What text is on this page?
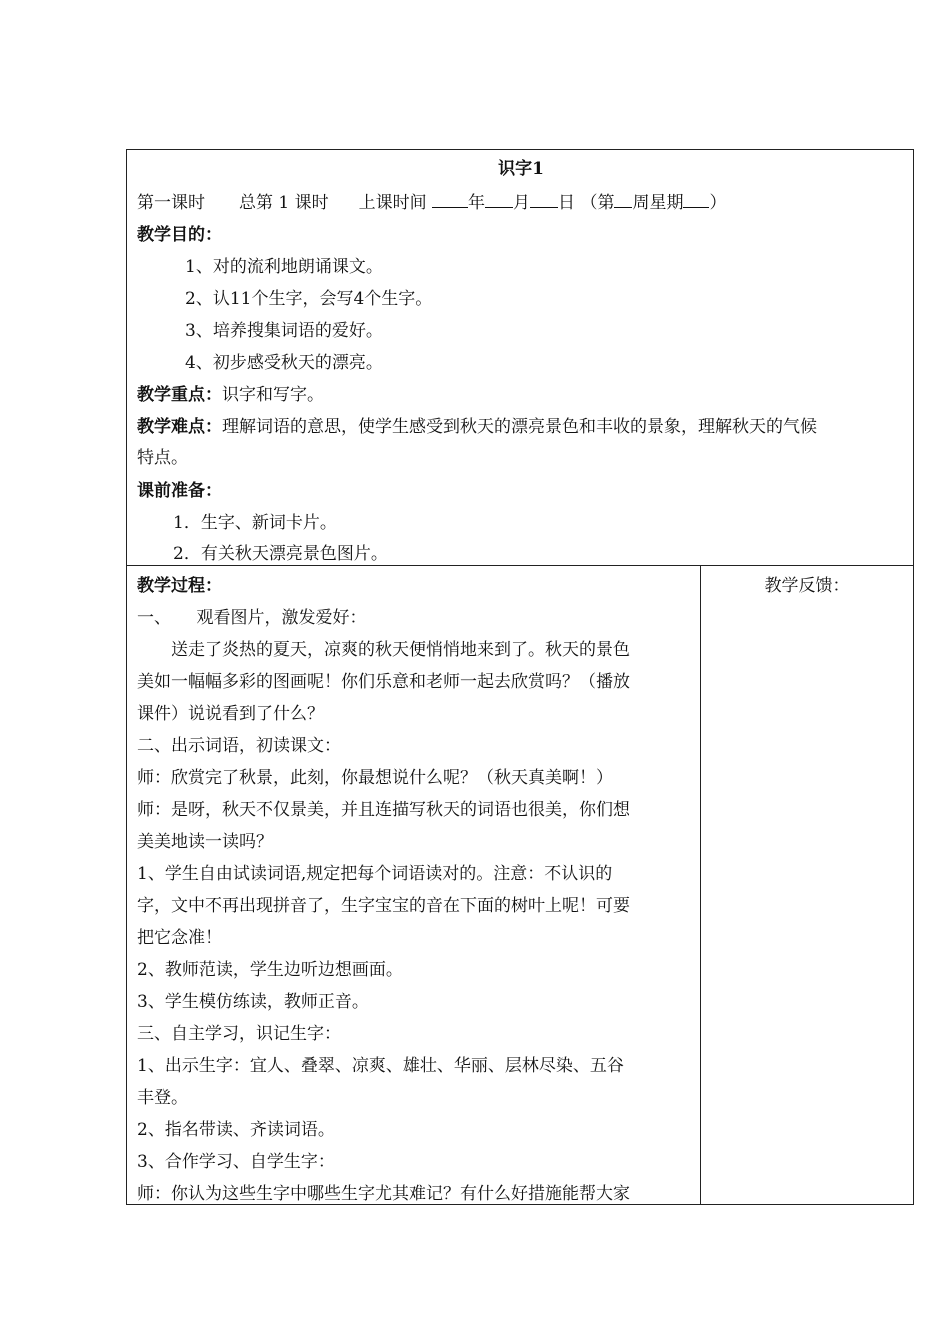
识字1
第一课时 总第 1 课时 上课时间 年 月 日 （第 周星期 ）
教学目的：
1、对的流利地朗诵课文。
2、认11个生字，会写4个生字。
3、培养搜集词语的爱好。
4、初步感受秋天的漂亮。
教学重点：识字和写字。
教学难点：理解词语的意思，使学生感受到秋天的漂亮景色和丰收的景象，理解秋天的气候
特点。
课前准备：
1．生字、新词卡片。
2．有关秋天漂亮景色图片。
教学过程：
一、　　观看图片，激发爱好：
　　送走了炎热的夏天，凉爽的秋天便悄悄地来到了。秋天的景色
美如一幅幅多彩的图画呢！你们乐意和老师一起去欣赏吗？（播放
课件）说说看到了什么？
二、出示词语，初读课文：
师：欣赏完了秋景，此刻，你最想说什么呢？（秋天真美啊！）
师：是呀，秋天不仅景美，并且连描写秋天的词语也很美，你们想
美美地读一读吗？
1、学生自由试读词语,规定把每个词语读对的。注意：不认识的
字，文中不再出现拼音了，生字宝宝的音在下面的树叶上呢！可要
把它念准！
2、教师范读，学生边听边想画面。
3、学生模仿练读，教师正音。
三、自主学习，识记生字：
1、出示生字：宜人、叠翠、凉爽、雄壮、华丽、层林尽染、五谷
丰登。
2、指名带读、齐读词语。
3、合作学习、自学生字：
师：你认为这些生字中哪些生字尤其难记？有什么好措施能帮大家
教学反馈：
